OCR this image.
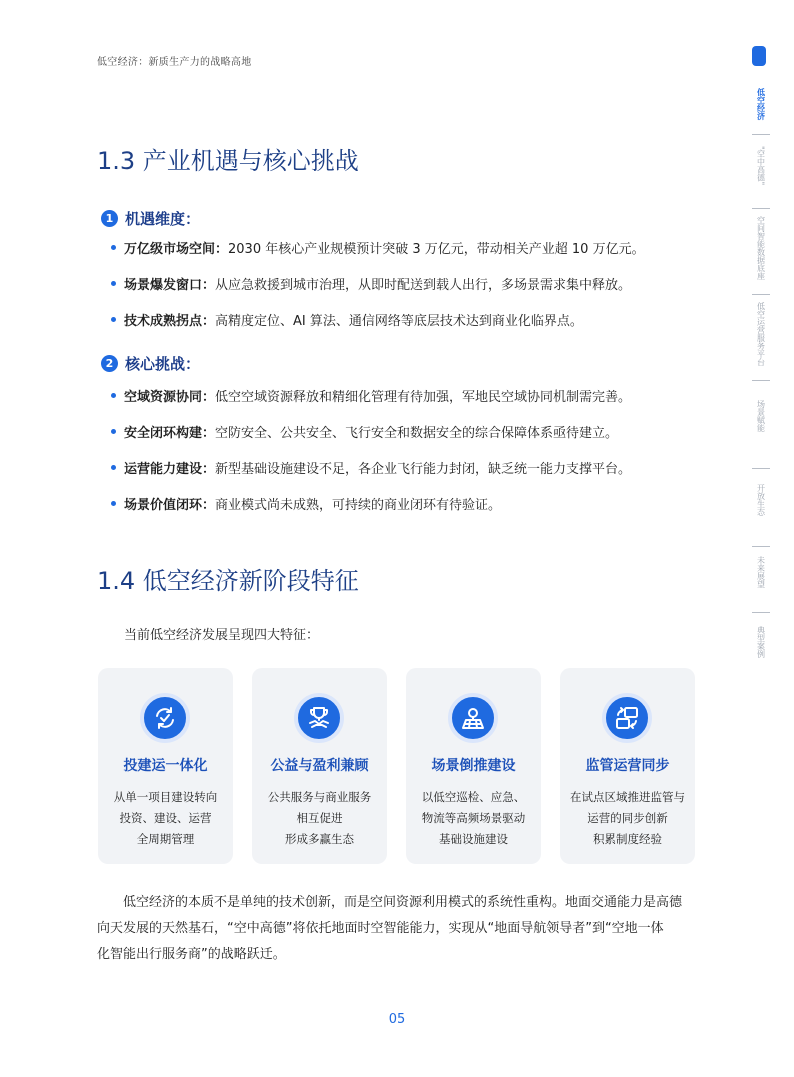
低空经济：新质生产力的战略高地
低空经济
"空中高德"
空间智能数据底座
低空运营服务平台
场景赋能
开放生态
未来展望
典型案例
1.3 产业机遇与核心挑战
1 机遇维度：
万亿级市场空间： 2030 年核心产业规模预计突破 3 万亿元，带动相关产业超 10 万亿元。
场景爆发窗口： 从应急救援到城市治理，从即时配送到载人出行，多场景需求集中释放。
技术成熟拐点： 高精度定位、AI 算法、通信网络等底层技术达到商业化临界点。
2 核心挑战：
空域资源协同： 低空空域资源释放和精细化管理有待加强，军地民空域协同机制需完善。
安全闭环构建： 空防安全、公共安全、飞行安全和数据安全的综合保障体系亟待建立。
运营能力建设： 新型基础设施建设不足，各企业飞行能力封闭，缺乏统一能力支撑平台。
场景价值闭环： 商业模式尚未成熟，可持续的商业闭环有待验证。
1.4 低空经济新阶段特征
当前低空经济发展呈现四大特征：
投建运一体化
从单一项目建设转向
投资、建设、运营
全周期管理
公益与盈利兼顾
公共服务与商业服务
相互促进
形成多赢生态
场景倒推建设
以低空巡检、应急、
物流等高频场景驱动
基础设施建设
监管运营同步
在试点区域推进监管与
运营的同步创新
积累制度经验
低空经济的本质不是单纯的技术创新，而是空间资源利用模式的系统性重构。地面交通能力是高德
向天发展的天然基石，“空中高德”将依托地面时空智能能力，实现从“地面导航领导者”到“空地一体
化智能出行服务商”的战略跃迁。
05
